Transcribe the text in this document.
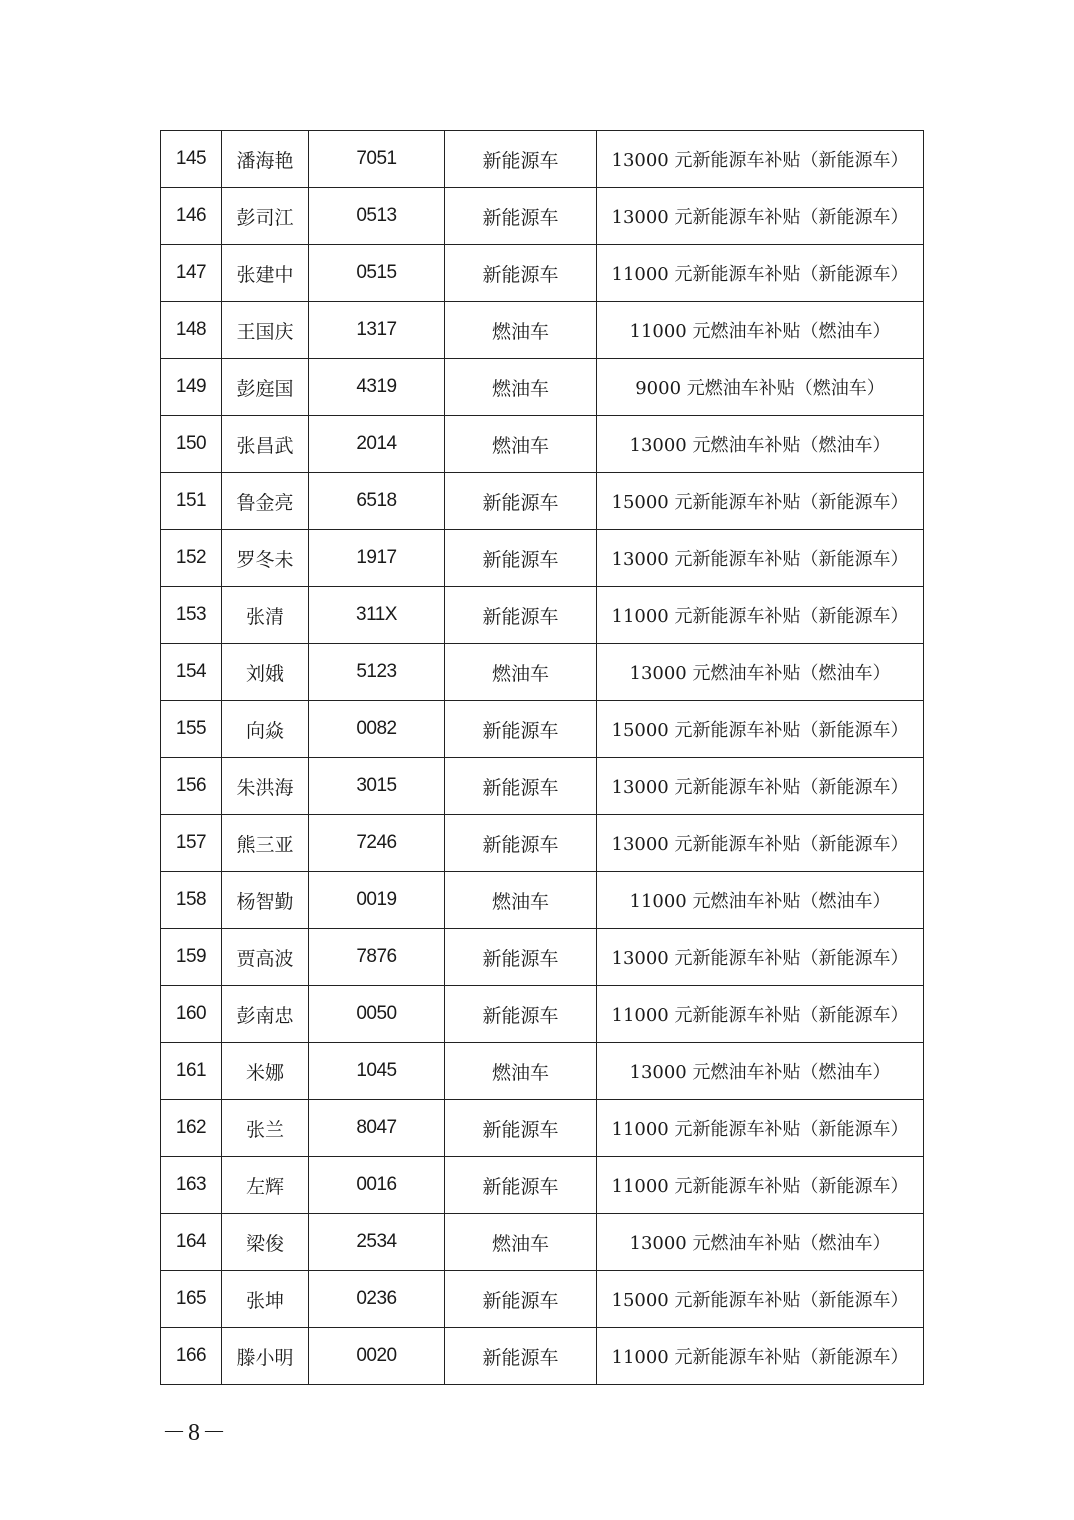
145	潘海艳	7051	新能源车	13000 元新能源车补贴（新能源车）
146	彭司江	0513	新能源车	13000 元新能源车补贴（新能源车）
147	张建中	0515	新能源车	11000 元新能源车补贴（新能源车）
148	王国庆	1317	燃油车	11000 元燃油车补贴（燃油车）
149	彭庭国	4319	燃油车	9000 元燃油车补贴（燃油车）
150	张昌武	2014	燃油车	13000 元燃油车补贴（燃油车）
151	鲁金亮	6518	新能源车	15000 元新能源车补贴（新能源车）
152	罗冬未	1917	新能源车	13000 元新能源车补贴（新能源车）
153	张清	311X	新能源车	11000 元新能源车补贴（新能源车）
154	刘娥	5123	燃油车	13000 元燃油车补贴（燃油车）
155	向焱	0082	新能源车	15000 元新能源车补贴（新能源车）
156	朱洪海	3015	新能源车	13000 元新能源车补贴（新能源车）
157	熊三亚	7246	新能源车	13000 元新能源车补贴（新能源车）
158	杨智勤	0019	燃油车	11000 元燃油车补贴（燃油车）
159	贾高波	7876	新能源车	13000 元新能源车补贴（新能源车）
160	彭南忠	0050	新能源车	11000 元新能源车补贴（新能源车）
161	米娜	1045	燃油车	13000 元燃油车补贴（燃油车）
162	张兰	8047	新能源车	11000 元新能源车补贴（新能源车）
163	左辉	0016	新能源车	11000 元新能源车补贴（新能源车）
164	梁俊	2534	燃油车	13000 元燃油车补贴（燃油车）
165	张坤	0236	新能源车	15000 元新能源车补贴（新能源车）
166	滕小明	0020	新能源车	11000 元新能源车补贴（新能源车）
－8－
